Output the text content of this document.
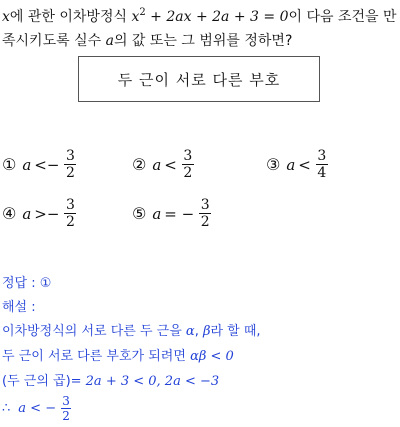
x에 관한 이차방정식 $x^2 + 2ax + 2a + 3 = 0$이 다음 조건을 만
족시키도록 실수 a의 값 또는 그 범위를 정하면?
두 근이 서로 다른 부호
① $a <- \frac{3}{2}$	② $a < \frac{3}{2}$	③ $a < \frac{3}{4}$
④ $a >- \frac{3}{2}$	⑤ a = − $\frac{3}{2}$
정답 : ①
해설 :
이차방정식의 서로 다른 두 근을 α, β라 할 때,
두 근이 서로 다른 부호가 되려면 αβ < 0
(두 근의 곱)= 2a + 3 < 0, 2a < −3
∴ a < − $\frac{3}{2}$
